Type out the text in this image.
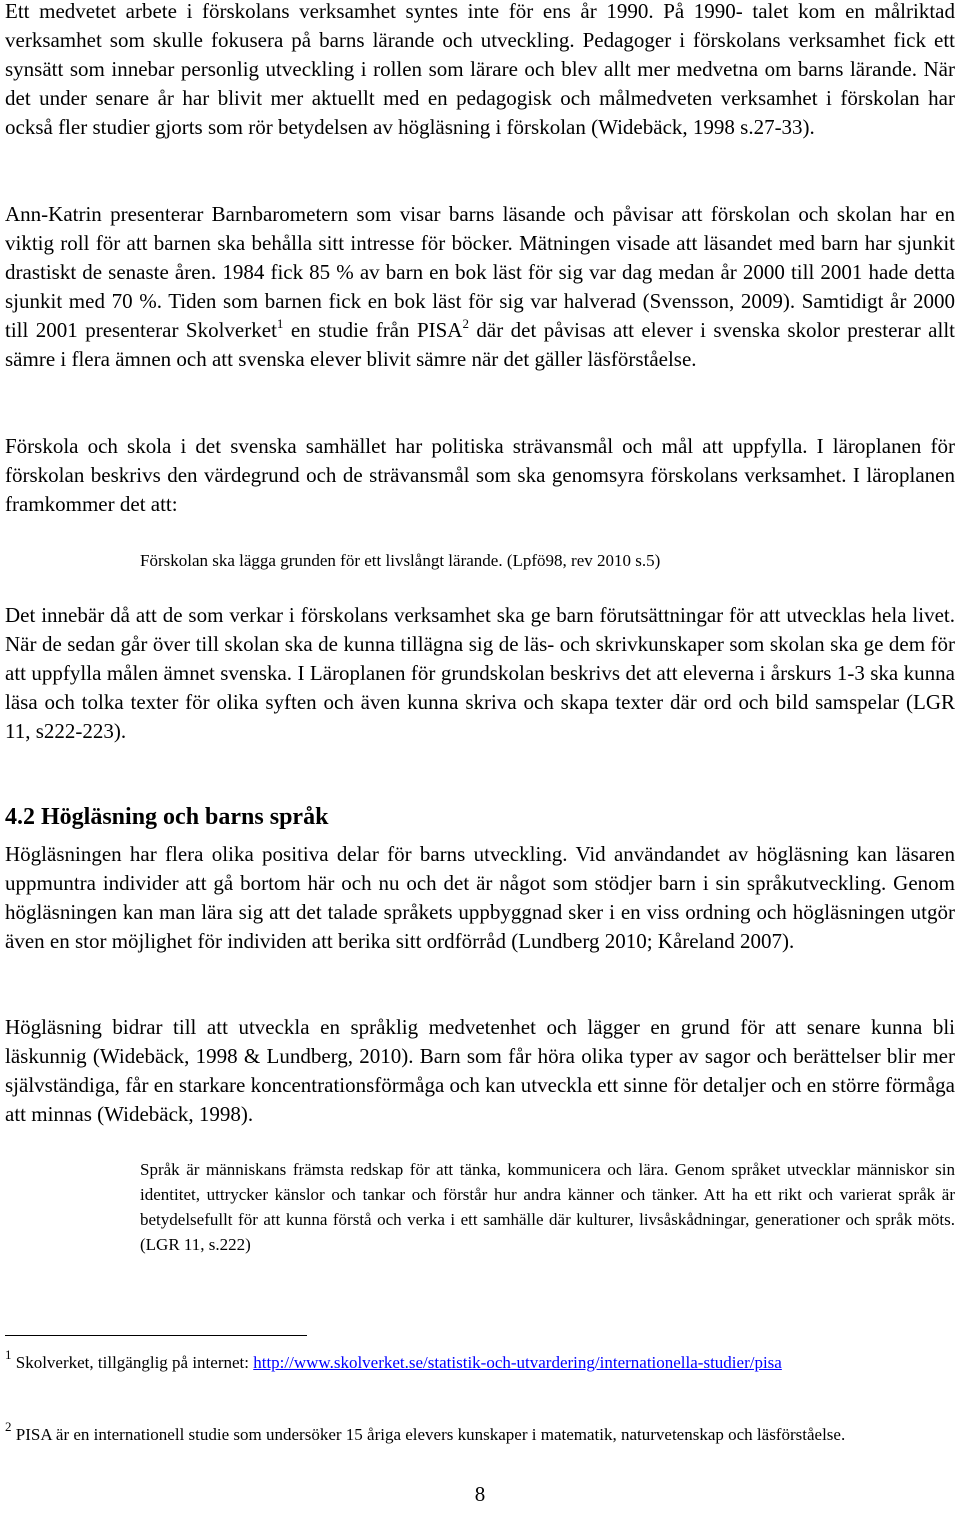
Ett medvetet arbete i förskolans verksamhet syntes inte för ens år 1990. På 1990- talet kom en målriktad verksamhet som skulle fokusera på barns lärande och utveckling. Pedagoger i förskolans verksamhet fick ett synsätt som innebar personlig utveckling i rollen som lärare och blev allt mer medvetna om barns lärande. När det under senare år har blivit mer aktuellt med en pedagogisk och målmedveten verksamhet i förskolan har också fler studier gjorts som rör betydelsen av högläsning i förskolan (Widebäck, 1998 s.27-33).

Ann-Katrin presenterar Barnbarometern som visar barns läsande och påvisar att förskolan och skolan har en viktig roll för att barnen ska behålla sitt intresse för böcker. Mätningen visade att läsandet med barn har sjunkit drastiskt de senaste åren. 1984 fick 85 % av barn en bok läst för sig var dag medan år 2000 till 2001 hade detta sjunkit med 70 %. Tiden som barnen fick en bok läst för sig var halverad (Svensson, 2009). Samtidigt år 2000 till 2001 presenterar Skolverket$^1$ en studie från PISA$^2$ där det påvisas att elever i svenska skolor presterar allt sämre i flera ämnen och att svenska elever blivit sämre när det gäller läsförståelse.

Förskola och skola i det svenska samhället har politiska strävansmål och mål att uppfylla. I läroplanen för förskolan beskrivs den värdegrund och de strävansmål som ska genomsyra förskolans verksamhet. I läroplanen framkommer det att:

Förskolan ska lägga grunden för ett livslångt lärande. (Lpfö98, rev 2010 s.5)

Det innebär då att de som verkar i förskolans verksamhet ska ge barn förutsättningar för att utvecklas hela livet. När de sedan går över till skolan ska de kunna tillägna sig de läs- och skrivkunskaper som skolan ska ge dem för att uppfylla målen ämnet svenska. I Läroplanen för grundskolan beskrivs det att eleverna i årskurs 1-3 ska kunna läsa och tolka texter för olika syften och även kunna skriva och skapa texter där ord och bild samspelar (LGR 11, s222-223).

4.2 Högläsning och barns språk

Högläsningen har flera olika positiva delar för barns utveckling. Vid användandet av högläsning kan läsaren uppmuntra individer att gå bortom här och nu och det är något som stödjer barn i sin språkutveckling. Genom högläsningen kan man lära sig att det talade språkets uppbyggnad sker i en viss ordning och högläsningen utgör även en stor möjlighet för individen att berika sitt ordförråd (Lundberg 2010; Kåreland 2007).

Högläsning bidrar till att utveckla en språklig medvetenhet och lägger en grund för att senare kunna bli läskunnig (Widebäck, 1998 & Lundberg, 2010). Barn som får höra olika typer av sagor och berättelser blir mer självständiga, får en starkare koncentrationsförmåga och kan utveckla ett sinne för detaljer och en större förmåga att minnas (Widebäck, 1998).

Språk är människans främsta redskap för att tänka, kommunicera och lära. Genom språket utvecklar människor sin identitet, uttrycker känslor och tankar och förstår hur andra känner och tänker. Att ha ett rikt och varierat språk är betydelsefullt för att kunna förstå och verka i ett samhälle där kulturer, livsåskådningar, generationer och språk möts. (LGR 11, s.222)

$^1$ Skolverket, tillgänglig på internet: http://www.skolverket.se/statistik-och-utvardering/internationella-studier/pisa

$^2$ PISA är en internationell studie som undersöker 15 åriga elevers kunskaper i matematik, naturvetenskap och läsförståelse.

8
